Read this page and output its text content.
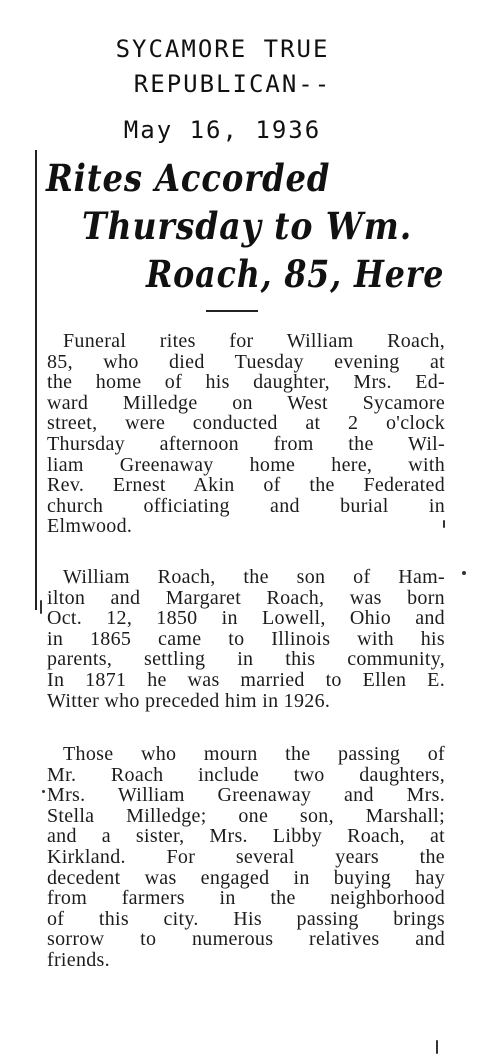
SYCAMORE TRUE
REPUBLICAN--
May 16, 1936
Rites Accorded
Thursday to Wm.
Roach, 85, Here
Funeral rites for William Roach,
85, who died Tuesday evening at
the home of his daughter, Mrs. Ed-
ward Milledge on West Sycamore
street, were conducted at 2 o'clock
Thursday afternoon from the Wil-
liam Greenaway home here, with
Rev. Ernest Akin of the Federated
church officiating and burial in
Elmwood.
William Roach, the son of Ham-
ilton and Margaret Roach, was born
Oct. 12, 1850 in Lowell, Ohio and
in 1865 came to Illinois with his
parents, settling in this community,
In 1871 he was married to Ellen E.
Witter who preceded him in 1926.
Those who mourn the passing of
Mr. Roach include two daughters,
Mrs. William Greenaway and Mrs.
Stella Milledge; one son, Marshall;
and a sister, Mrs. Libby Roach, at
Kirkland. For several years the
decedent was engaged in buying hay
from farmers in the neighborhood
of this city. His passing brings
sorrow to numerous relatives and
friends.
